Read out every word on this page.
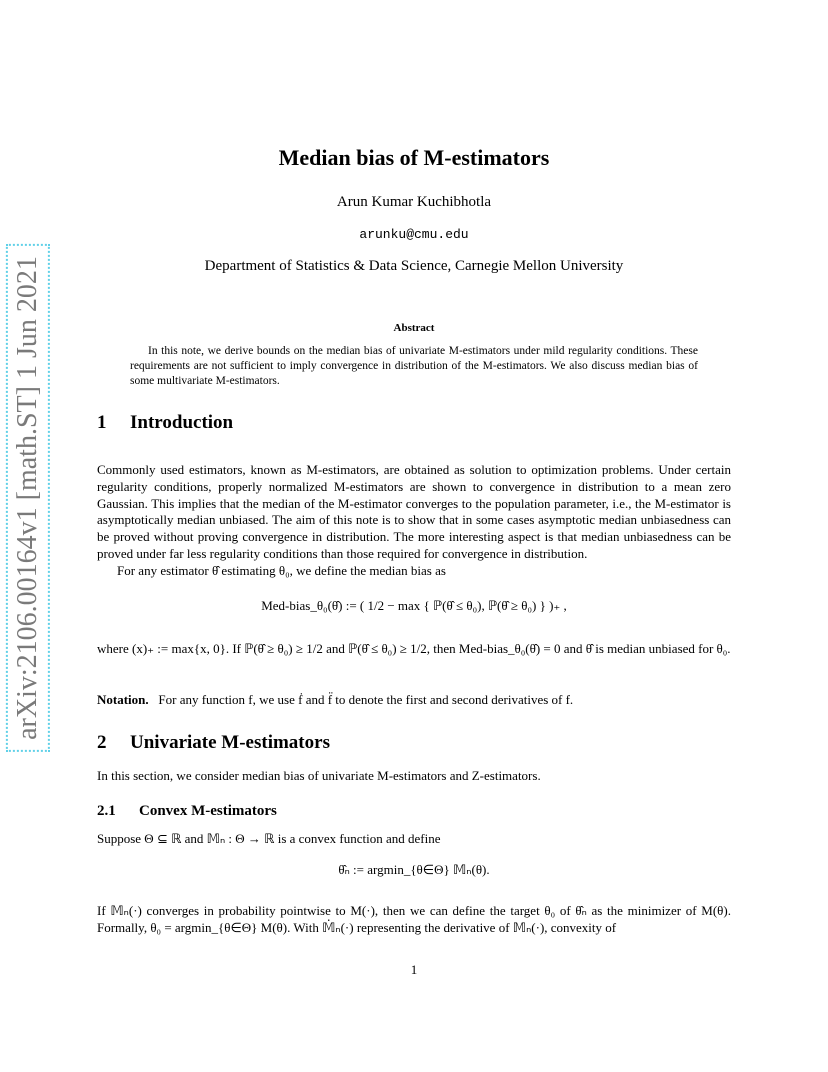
arXiv:2106.00164v1 [math.ST] 1 Jun 2021
Median bias of M-estimators
Arun Kumar Kuchibhotla
arunku@cmu.edu
Department of Statistics & Data Science, Carnegie Mellon University
Abstract
In this note, we derive bounds on the median bias of univariate M-estimators under mild regularity conditions. These requirements are not sufficient to imply convergence in distribution of the M-estimators. We also discuss median bias of some multivariate M-estimators.
1 Introduction
Commonly used estimators, known as M-estimators, are obtained as solution to optimization problems. Under certain regularity conditions, properly normalized M-estimators are shown to convergence in distribution to a mean zero Gaussian. This implies that the median of the M-estimator converges to the population parameter, i.e., the M-estimator is asymptotically median unbiased. The aim of this note is to show that in some cases asymptotic median unbiasedness can be proved without proving convergence in distribution. The more interesting aspect is that median unbiasedness can be proved under far less regularity conditions than those required for convergence in distribution.
For any estimator θ̂ estimating θ₀, we define the median bias as
Med-bias_θ₀(θ̂) := ( 1/2 − max { ℙ(θ̂ ≤ θ₀), ℙ(θ̂ ≥ θ₀) } )₊ ,
where (x)₊ := max{x, 0}. If ℙ(θ̂ ≥ θ₀) ≥ 1/2 and ℙ(θ̂ ≤ θ₀) ≥ 1/2, then Med-bias_θ₀(θ̂) = 0 and θ̂ is median unbiased for θ₀.
Notation. For any function f, we use ḟ and f̈ to denote the first and second derivatives of f.
2 Univariate M-estimators
In this section, we consider median bias of univariate M-estimators and Z-estimators.
2.1 Convex M-estimators
Suppose Θ ⊆ ℝ and 𝕄ₙ : Θ → ℝ is a convex function and define
θ̂ₙ := argmin_{θ∈Θ} 𝕄ₙ(θ).
If 𝕄ₙ(·) converges in probability pointwise to M(·), then we can define the target θ₀ of θ̂ₙ as the minimizer of M(θ). Formally, θ₀ = argmin_{θ∈Θ} M(θ). With 𝕄̇ₙ(·) representing the derivative of 𝕄ₙ(·), convexity of
1
